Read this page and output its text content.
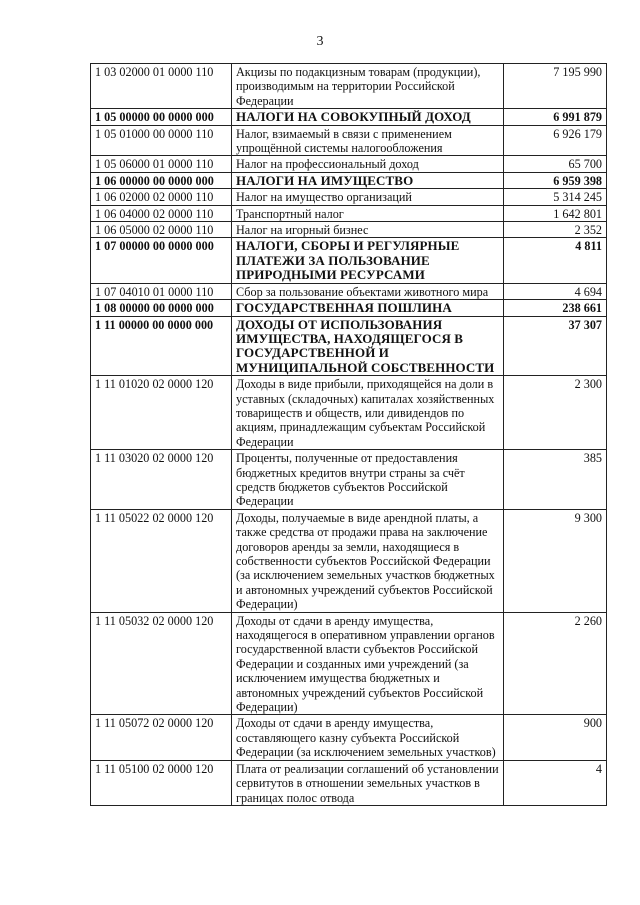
3
1 03 02000 01 0000 110	Акцизы по подакцизным товарам (продукции), производимым на территории Российской Федерации	7 195 990
1 05 00000 00 0000 000	НАЛОГИ НА СОВОКУПНЫЙ ДОХОД	6 991 879
1 05 01000 00 0000 110	Налог, взимаемый в связи с применением упрощённой системы налогообложения	6 926 179
1 05 06000 01 0000 110	Налог на профессиональный доход	65 700
1 06 00000 00 0000 000	НАЛОГИ НА ИМУЩЕСТВО	6 959 398
1 06 02000 02 0000 110	Налог на имущество организаций	5 314 245
1 06 04000 02 0000 110	Транспортный налог	1 642 801
1 06 05000 02 0000 110	Налог на игорный бизнес	2 352
1 07 00000 00 0000 000	НАЛОГИ, СБОРЫ И РЕГУЛЯРНЫЕ ПЛАТЕЖИ ЗА ПОЛЬЗОВАНИЕ ПРИРОДНЫМИ РЕСУРСАМИ	4 811
1 07 04010 01 0000 110	Сбор за пользование объектами животного мира	4 694
1 08 00000 00 0000 000	ГОСУДАРСТВЕННАЯ ПОШЛИНА	238 661
1 11 00000 00 0000 000	ДОХОДЫ ОТ ИСПОЛЬЗОВАНИЯ ИМУЩЕСТВА, НАХОДЯЩЕГОСЯ В ГОСУДАРСТВЕННОЙ И МУНИЦИПАЛЬНОЙ СОБСТВЕННОСТИ	37 307
1 11 01020 02 0000 120	Доходы в виде прибыли, приходящейся на доли в уставных (складочных) капиталах хозяйственных товариществ и обществ, или дивидендов по акциям, принадлежащим субъектам Российской Федерации	2 300
1 11 03020 02 0000 120	Проценты, полученные от предоставления бюджетных кредитов внутри страны за счёт средств бюджетов субъектов Российской Федерации	385
1 11 05022 02 0000 120	Доходы, получаемые в виде арендной платы, а также средства от продажи права на заключение договоров аренды за земли, находящиеся в собственности субъектов Российской Федерации (за исключением земельных участков бюджетных и автономных учреждений субъектов Российской Федерации)	9 300
1 11 05032 02 0000 120	Доходы от сдачи в аренду имущества, находящегося в оперативном управлении органов государственной власти субъектов Российской Федерации и созданных ими учреждений (за исключением имущества бюджетных и автономных учреждений субъектов Российской Федерации)	2 260
1 11 05072 02 0000 120	Доходы от сдачи в аренду имущества, составляющего казну субъекта Российской Федерации (за исключением земельных участков)	900
1 11 05100 02 0000 120	Плата от реализации соглашений об установлении сервитутов в отношении земельных участков в границах полос отвода	4
